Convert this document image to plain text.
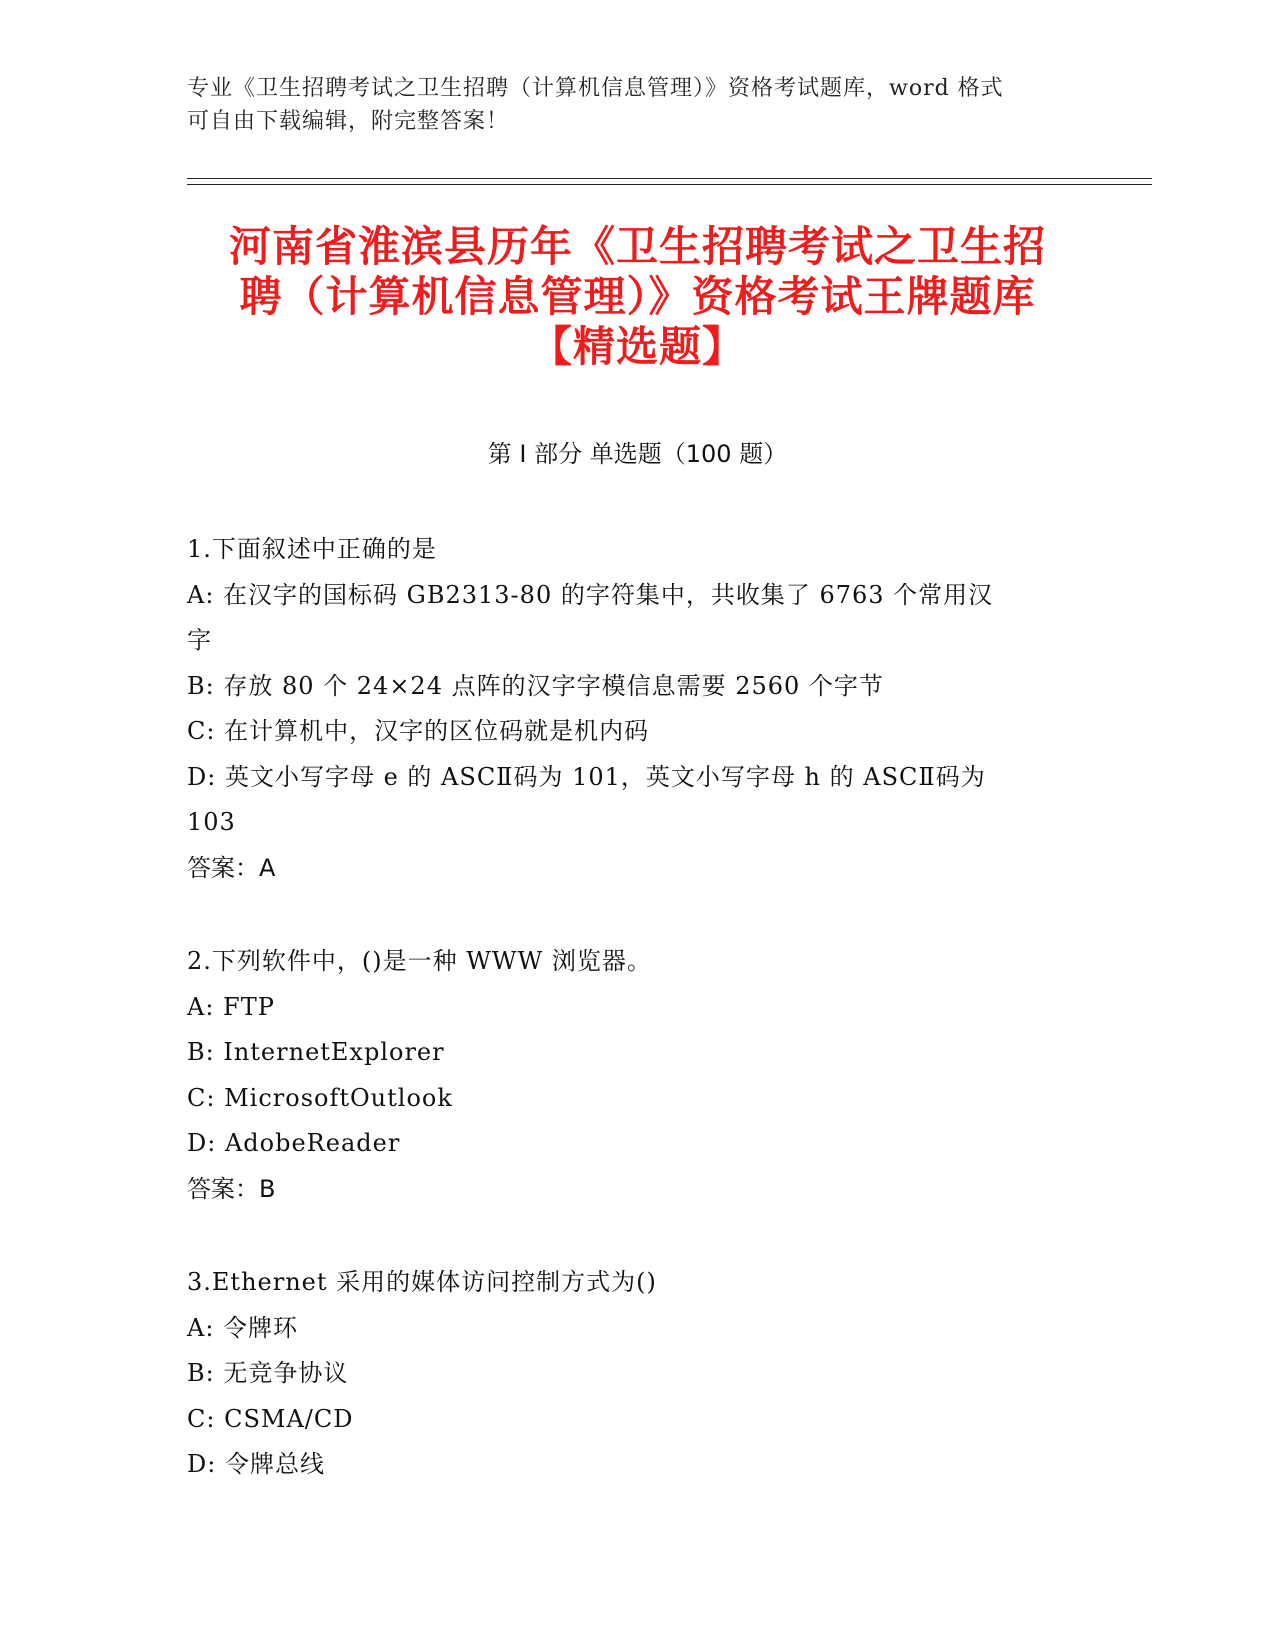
专业《卫生招聘考试之卫生招聘（计算机信息管理）》资格考试题库，word 格式
可自由下载编辑，附完整答案！
河南省淮滨县历年《卫生招聘考试之卫生招
聘（计算机信息管理）》资格考试王牌题库
【精选题】
第 I 部分 单选题（100 题）
1.下面叙述中正确的是
A: 在汉字的国标码 GB2313-80 的字符集中，共收集了 6763 个常用汉
字
B: 存放 80 个 24×24 点阵的汉字字模信息需要 2560 个字节
C: 在计算机中，汉字的区位码就是机内码
D: 英文小写字母 e 的 ASCⅡ码为 101，英文小写字母 h 的 ASCⅡ码为
103
答案：A
2.下列软件中，()是一种 WWW 浏览器。
A: FTP
B: InternetExplorer
C: MicrosoftOutlook
D: AdobeReader
答案：B
3.Ethernet 采用的媒体访问控制方式为()
A: 令牌环
B: 无竞争协议
C: CSMA/CD
D: 令牌总线
